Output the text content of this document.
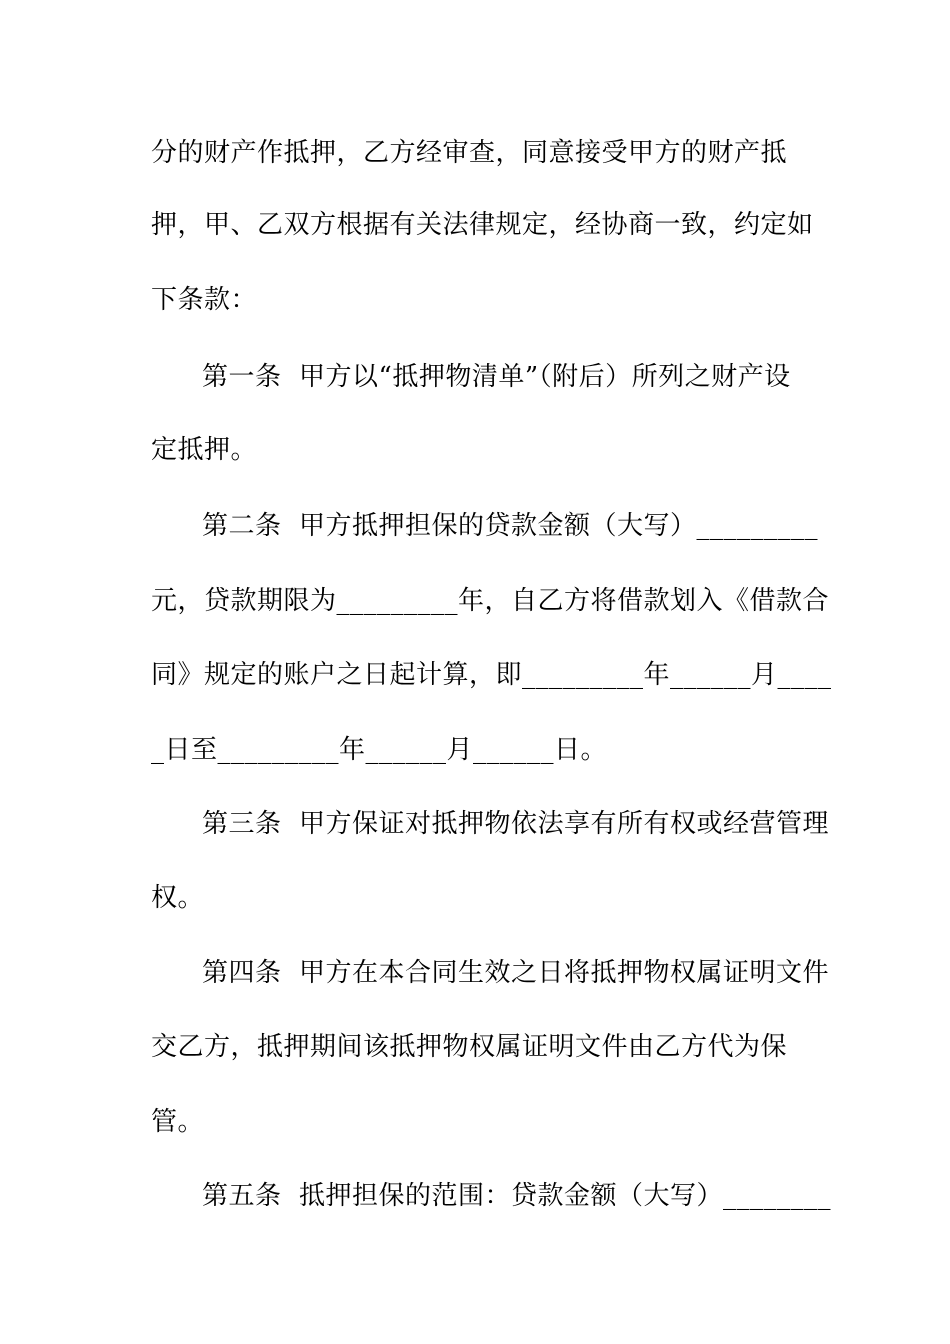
分的财产作抵押，乙方经审查，同意接受甲方的财产抵
押，甲、乙双方根据有关法律规定，经协商一致，约定如
下条款：
第一条  甲方以“抵押物清单”（附后）所列之财产设
定抵押。
第二条  甲方抵押担保的贷款金额（大写）_________
元，贷款期限为_________年，自乙方将借款划入《借款合
同》规定的账户之日起计算，即_________年______月____
_日至_________年______月______日。
第三条  甲方保证对抵押物依法享有所有权或经营管理
权。
第四条  甲方在本合同生效之日将抵押物权属证明文件
交乙方，抵押期间该抵押物权属证明文件由乙方代为保
管。
第五条  抵押担保的范围：贷款金额（大写）________
